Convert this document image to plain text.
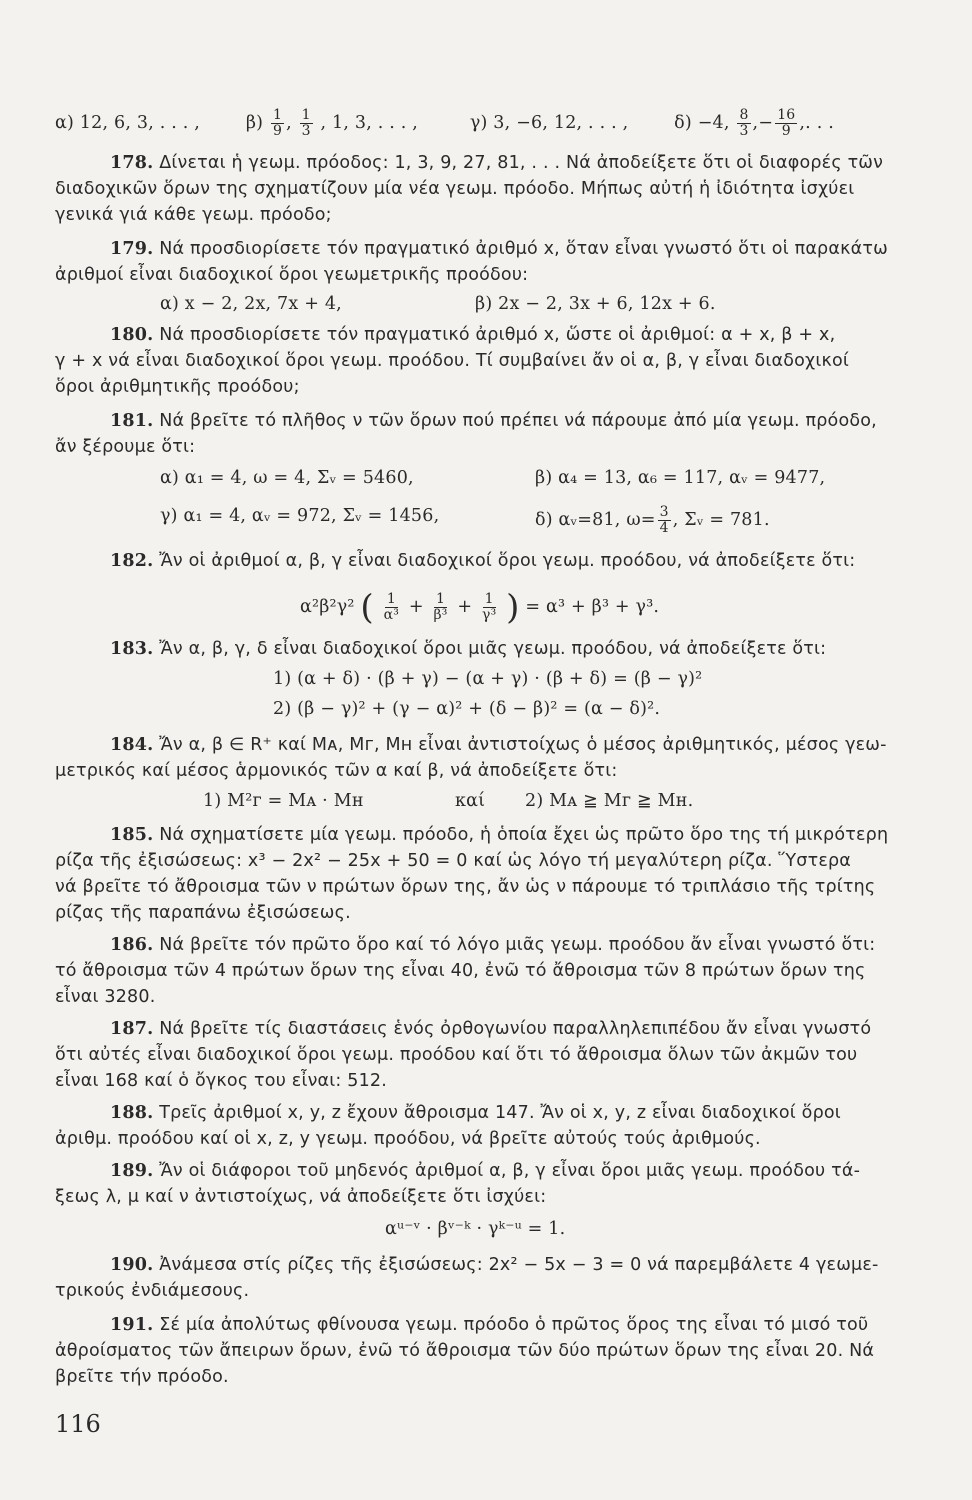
α) 12, 6, 3, . . . ,	$\beta) \frac{1}{9}$ , $\frac{1}{3}$ , 1, 3, . . . ,	γ) 3, −6, 12, . . . ,	δ) −4, $\frac{8}{3}$ ,− $\frac{16}{9}$ ,. . .
178. Δίνεται ἡ γεωμ. πρόοδος: 1, 3, 9, 27, 81, . . . Νά ἀποδείξετε ὅτι οἱ διαφορές τῶν
διαδοχικῶν ὅρων της σχηματίζουν μία νέα γεωμ. πρόοδο. Μήπως αὐτή ἡ ἰδιότητα ἰσχύει
γενικά γιά κάθε γεωμ. πρόοδο;
179. Νά προσδιορίσετε τόν πραγματικό ἀριθμό x, ὅταν εἶναι γνωστό ὅτι οἱ παρακάτω
ἀριθμοί εἶναι διαδοχικοί ὅροι γεωμετρικῆς προόδου:
α) x − 2, 2x, 7x + 4,	β) 2x − 2, 3x + 6, 12x + 6.
180. Νά προσδιορίσετε τόν πραγματικό ἀριθμό x, ὥστε οἱ ἀριθμοί: α + x, β + x,
γ + x νά εἶναι διαδοχικοί ὅροι γεωμ. προόδου. Τί συμβαίνει ἄν οἱ α, β, γ εἶναι διαδοχικοί
ὅροι ἀριθμητικῆς προόδου;
181. Νά βρεῖτε τό πλῆθος ν τῶν ὅρων πού πρέπει νά πάρουμε ἀπό μία γεωμ. πρόοδο,
ἄν ξέρουμε ὅτι:
α) α₁ = 4, ω = 4, Σᵥ = 5460,	β) α₄ = 13, α₆ = 117, αᵥ = 9477,
γ) α₁ = 4, αᵥ = 972, Σᵥ = 1456,	δ) αᵥ=81, $\omega= \frac{3}{4}$ , Σᵥ = 781.
182. Ἄν οἱ ἀριθμοί α, β, γ εἶναι διαδοχικοί ὅροι γεωμ. προόδου, νά ἀποδείξετε ὅτι:
α²β²γ² ( $\frac{1}{\text{α³}} + \frac{1}{\text{β³}} + \frac{1}{\text{γ³}}$ ) = α³ + β³ + γ³.
183. Ἄν α, β, γ, δ εἶναι διαδοχικοί ὅροι μιᾶς γεωμ. προόδου, νά ἀποδείξετε ὅτι:
1) (α + δ) · (β + γ) − (α + γ) · (β + δ) = (β − γ)²
2) (β − γ)² + (γ − α)² + (δ − β)² = (α − δ)².
184. Ἄν α, β ∈ R⁺ καί Mᴀ, Mг, Mʜ εἶναι ἀντιστοίχως ὁ μέσος ἀριθμητικός, μέσος γεω-
μετρικός καί μέσος ἁρμονικός τῶν α καί β, νά ἀποδείξετε ὅτι:
1) M²ᴦ = Mᴀ · Mʜ	καί 2) Mᴀ ≧ Mᴦ ≧ Mʜ.
185. Νά σχηματίσετε μία γεωμ. πρόοδο, ἡ ὁποία ἔχει ὡς πρῶτο ὅρο της τή μικρότερη
ρίζα τῆς ἐξισώσεως: x³ − 2x² − 25x + 50 = 0 καί ὡς λόγο τή μεγαλύτερη ρίζα. Ὕστερα
νά βρεῖτε τό ἄθροισμα τῶν ν πρώτων ὅρων της, ἄν ὡς ν πάρουμε τό τριπλάσιο τῆς τρίτης
ρίζας τῆς παραπάνω ἐξισώσεως.
186. Νά βρεῖτε τόν πρῶτο ὅρο καί τό λόγο μιᾶς γεωμ. προόδου ἄν εἶναι γνωστό ὅτι:
τό ἄθροισμα τῶν 4 πρώτων ὅρων της εἶναι 40, ἐνῶ τό ἄθροισμα τῶν 8 πρώτων ὅρων της
εἶναι 3280.
187. Νά βρεῖτε τίς διαστάσεις ἑνός ὀρθογωνίου παραλληλεπιπέδου ἄν εἶναι γνωστό
ὅτι αὐτές εἶναι διαδοχικοί ὅροι γεωμ. προόδου καί ὅτι τό ἄθροισμα ὅλων τῶν ἀκμῶν του
εἶναι 168 καί ὁ ὄγκος του εἶναι: 512.
188. Τρεῖς ἀριθμοί x, y, z ἔχουν ἄθροισμα 147. Ἄν οἱ x, y, z εἶναι διαδοχικοί ὅροι
ἀριθμ. προόδου καί οἱ x, z, y γεωμ. προόδου, νά βρεῖτε αὐτούς τούς ἀριθμούς.
189. Ἄν οἱ διάφοροι τοῦ μηδενός ἀριθμοί α, β, γ εἶναι ὅροι μιᾶς γεωμ. προόδου τά-
ξεως λ, μ καί ν ἀντιστοίχως, νά ἀποδείξετε ὅτι ἰσχύει:
αᵘ⁻ᵛ · βᵛ⁻ᵏ · γᵏ⁻ᵘ = 1.
190. Ἀνάμεσα στίς ρίζες τῆς ἐξισώσεως: 2x² − 5x − 3 = 0 νά παρεμβάλετε 4 γεωμε-
τρικούς ἐνδιάμεσους.
191. Σέ μία ἀπολύτως φθίνουσα γεωμ. πρόοδο ὁ πρῶτος ὅρος της εἶναι τό μισό τοῦ
ἀθροίσματος τῶν ἄπειρων ὅρων, ἐνῶ τό ἄθροισμα τῶν δύο πρώτων ὅρων της εἶναι 20. Νά
βρεῖτε τήν πρόοδο.
116
